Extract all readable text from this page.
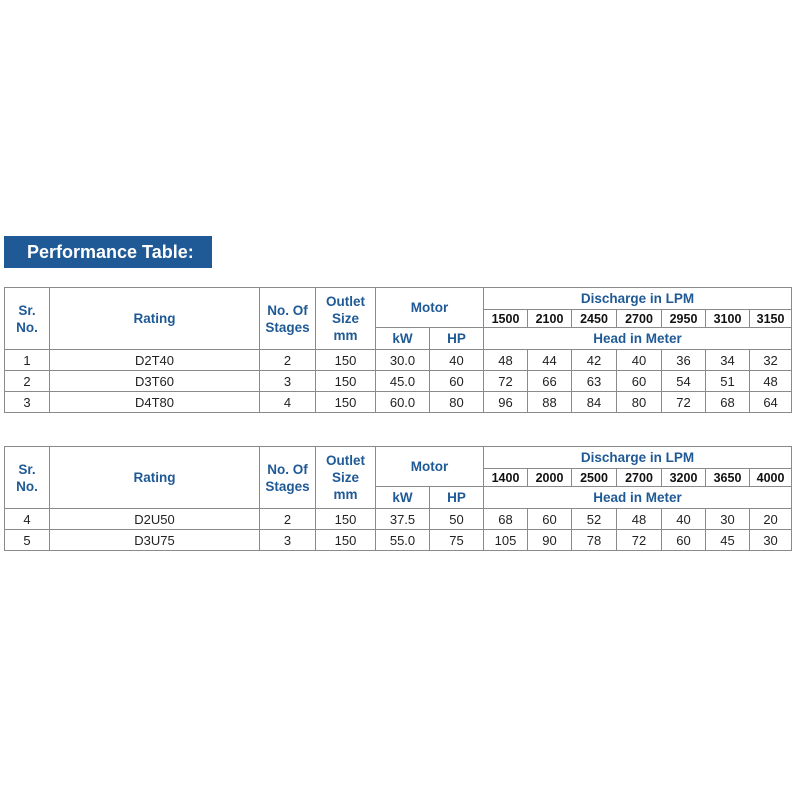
Performance Table:
Sr. No.	Rating	No. Of Stages	Outlet Size mm	Motor		Discharge in LPM						
						1500	2100	2450	2700	2950	3100	3150
				kW	HP	Head in Meter						
1	D2T40	2	150	30.0	40	48	44	42	40	36	34	32
2	D3T60	3	150	45.0	60	72	66	63	60	54	51	48
3	D4T80	4	150	60.0	80	96	88	84	80	72	68	64
Sr. No.	Rating	No. Of Stages	Outlet Size mm	Motor		Discharge in LPM						
						1400	2000	2500	2700	3200	3650	4000
				kW	HP	Head in Meter						
4	D2U50	2	150	37.5	50	68	60	52	48	40	30	20
5	D3U75	3	150	55.0	75	105	90	78	72	60	45	30
